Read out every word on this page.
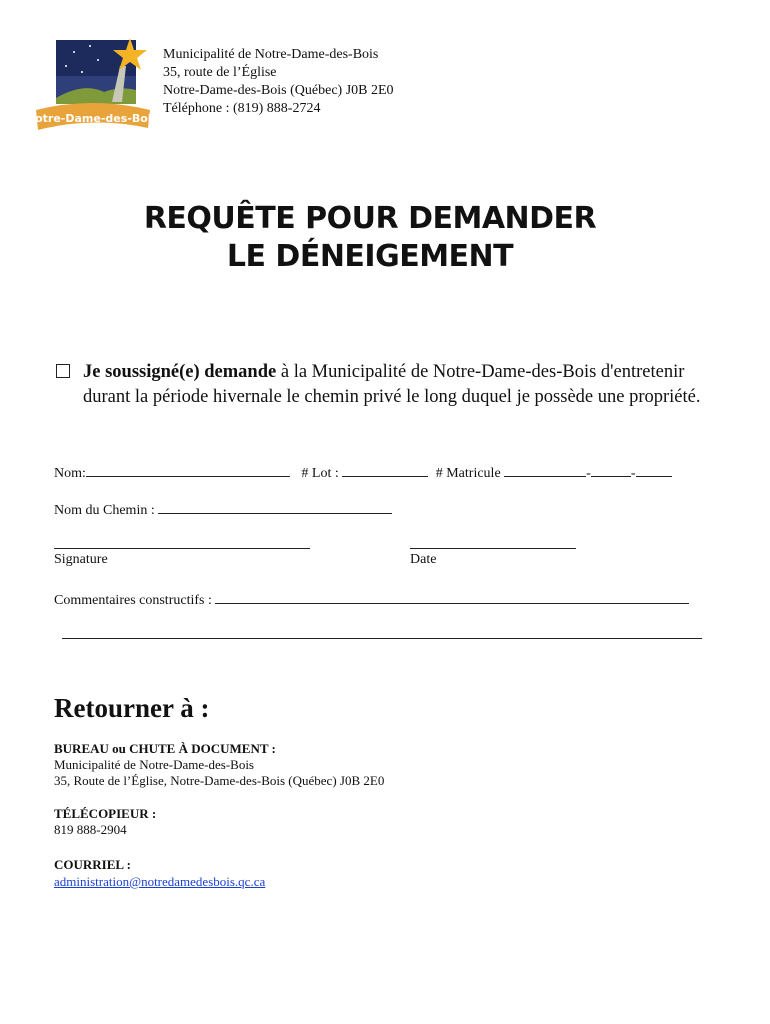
Notre-Dame-des-Bois
Municipalité de Notre-Dame-des-Bois
35, route de l’Église
Notre-Dame-des-Bois (Québec) J0B 2E0
Téléphone : (819) 888-2724
REQUÊTE POUR DEMANDER
LE DÉNEIGEMENT
Je soussigné(e) demande à la Municipalité de Notre-Dame-des-Bois d'entretenir durant la période hivernale le chemin privé le long duquel je possède une propriété.
Nom:	# Lot :	# Matricule	-	-
Nom du Chemin :
Signature	Date
Commentaires constructifs :
Retourner à :
BUREAU ou CHUTE À DOCUMENT :
Municipalité de Notre-Dame-des-Bois
35, Route de l’Église, Notre-Dame-des-Bois (Québec) J0B 2E0
TÉLÉCOPIEUR :
819 888-2904
COURRIEL :
administration@notredamedesbois.qc.ca
